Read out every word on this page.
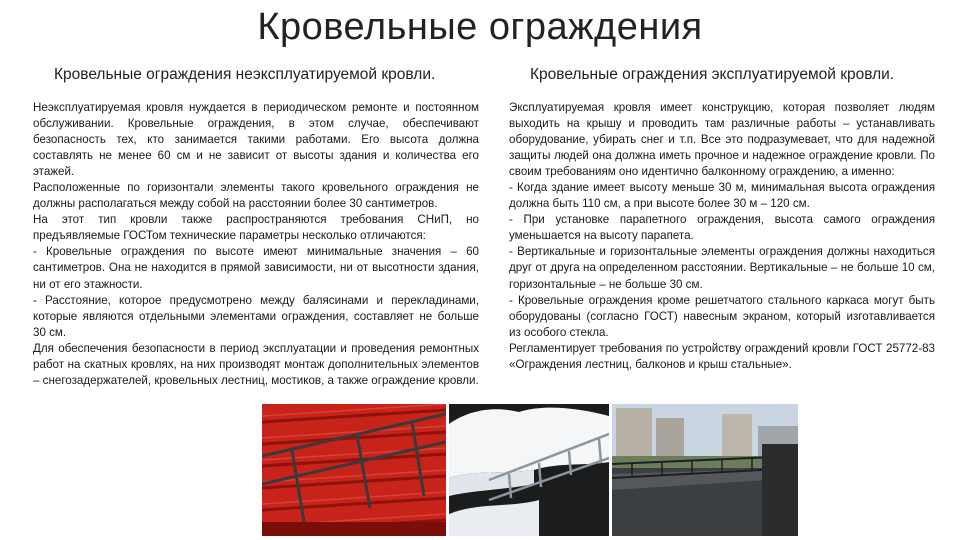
Кровельные ограждения
Кровельные ограждения неэксплуатируемой кровли.	Кровельные ограждения эксплуатируемой кровли.

Неэксплуатируемая кровля нуждается в периодическом ремонте и постоянном обслуживании. Кровельные ограждения, в этом случае, обеспечивают безопасность тех, кто занимается такими работами. Его высота должна составлять не менее 60 см и не зависит от высоты здания и количества его этажей.

Расположенные по горизонтали элементы такого кровельного ограждения не должны располагаться между собой на расстоянии более 30 сантиметров.

На этот тип кровли также распространяются требования СНиП, но предъявляемые ГОСТом технические параметры несколько отличаются:

- Кровельные ограждения по высоте имеют минимальные значения – 60 сантиметров. Она не находится в прямой зависимости, ни от высотности здания, ни от его этажности.

- Расстояние, которое предусмотрено между балясинами и перекладинами, которые являются отдельными элементами ограждения, составляет не больше 30 см.

Для обеспечения безопасности в период эксплуатации и проведения ремонтных работ на скатных кровлях, на них производят монтаж дополнительных элементов – снегозадержателей, кровельных лестниц, мостиков, а также ограждение кровли.

Эксплуатируемая кровля имеет конструкцию, которая позволяет людям выходить на крышу и проводить там различные работы – устанавливать оборудование, убирать снег и т.п. Все это подразумевает, что для надежной защиты людей она должна иметь прочное и надежное ограждение кровли. По своим требованиям оно идентично балконному ограждению, а именно:

- Когда здание имеет высоту меньше 30 м, минимальная высота ограждения должна быть 110 см, а при высоте более 30 м – 120 см.

- При установке парапетного ограждения, высота самого ограждения уменьшается на высоту парапета.

- Вертикальные и горизонтальные элементы ограждения должны находиться друг от друга на определенном расстоянии. Вертикальные – не больше 10 см, горизонтальные – не больше 30 см.

- Кровельные ограждения кроме решетчатого стального каркаса могут быть оборудованы (согласно ГОСТ) навесным экраном, который изготавливается из особого стекла.

Регламентирует требования по устройству ограждений кровли ГОСТ 25772-83 «Ограждения лестниц, балконов и крыш стальные».
